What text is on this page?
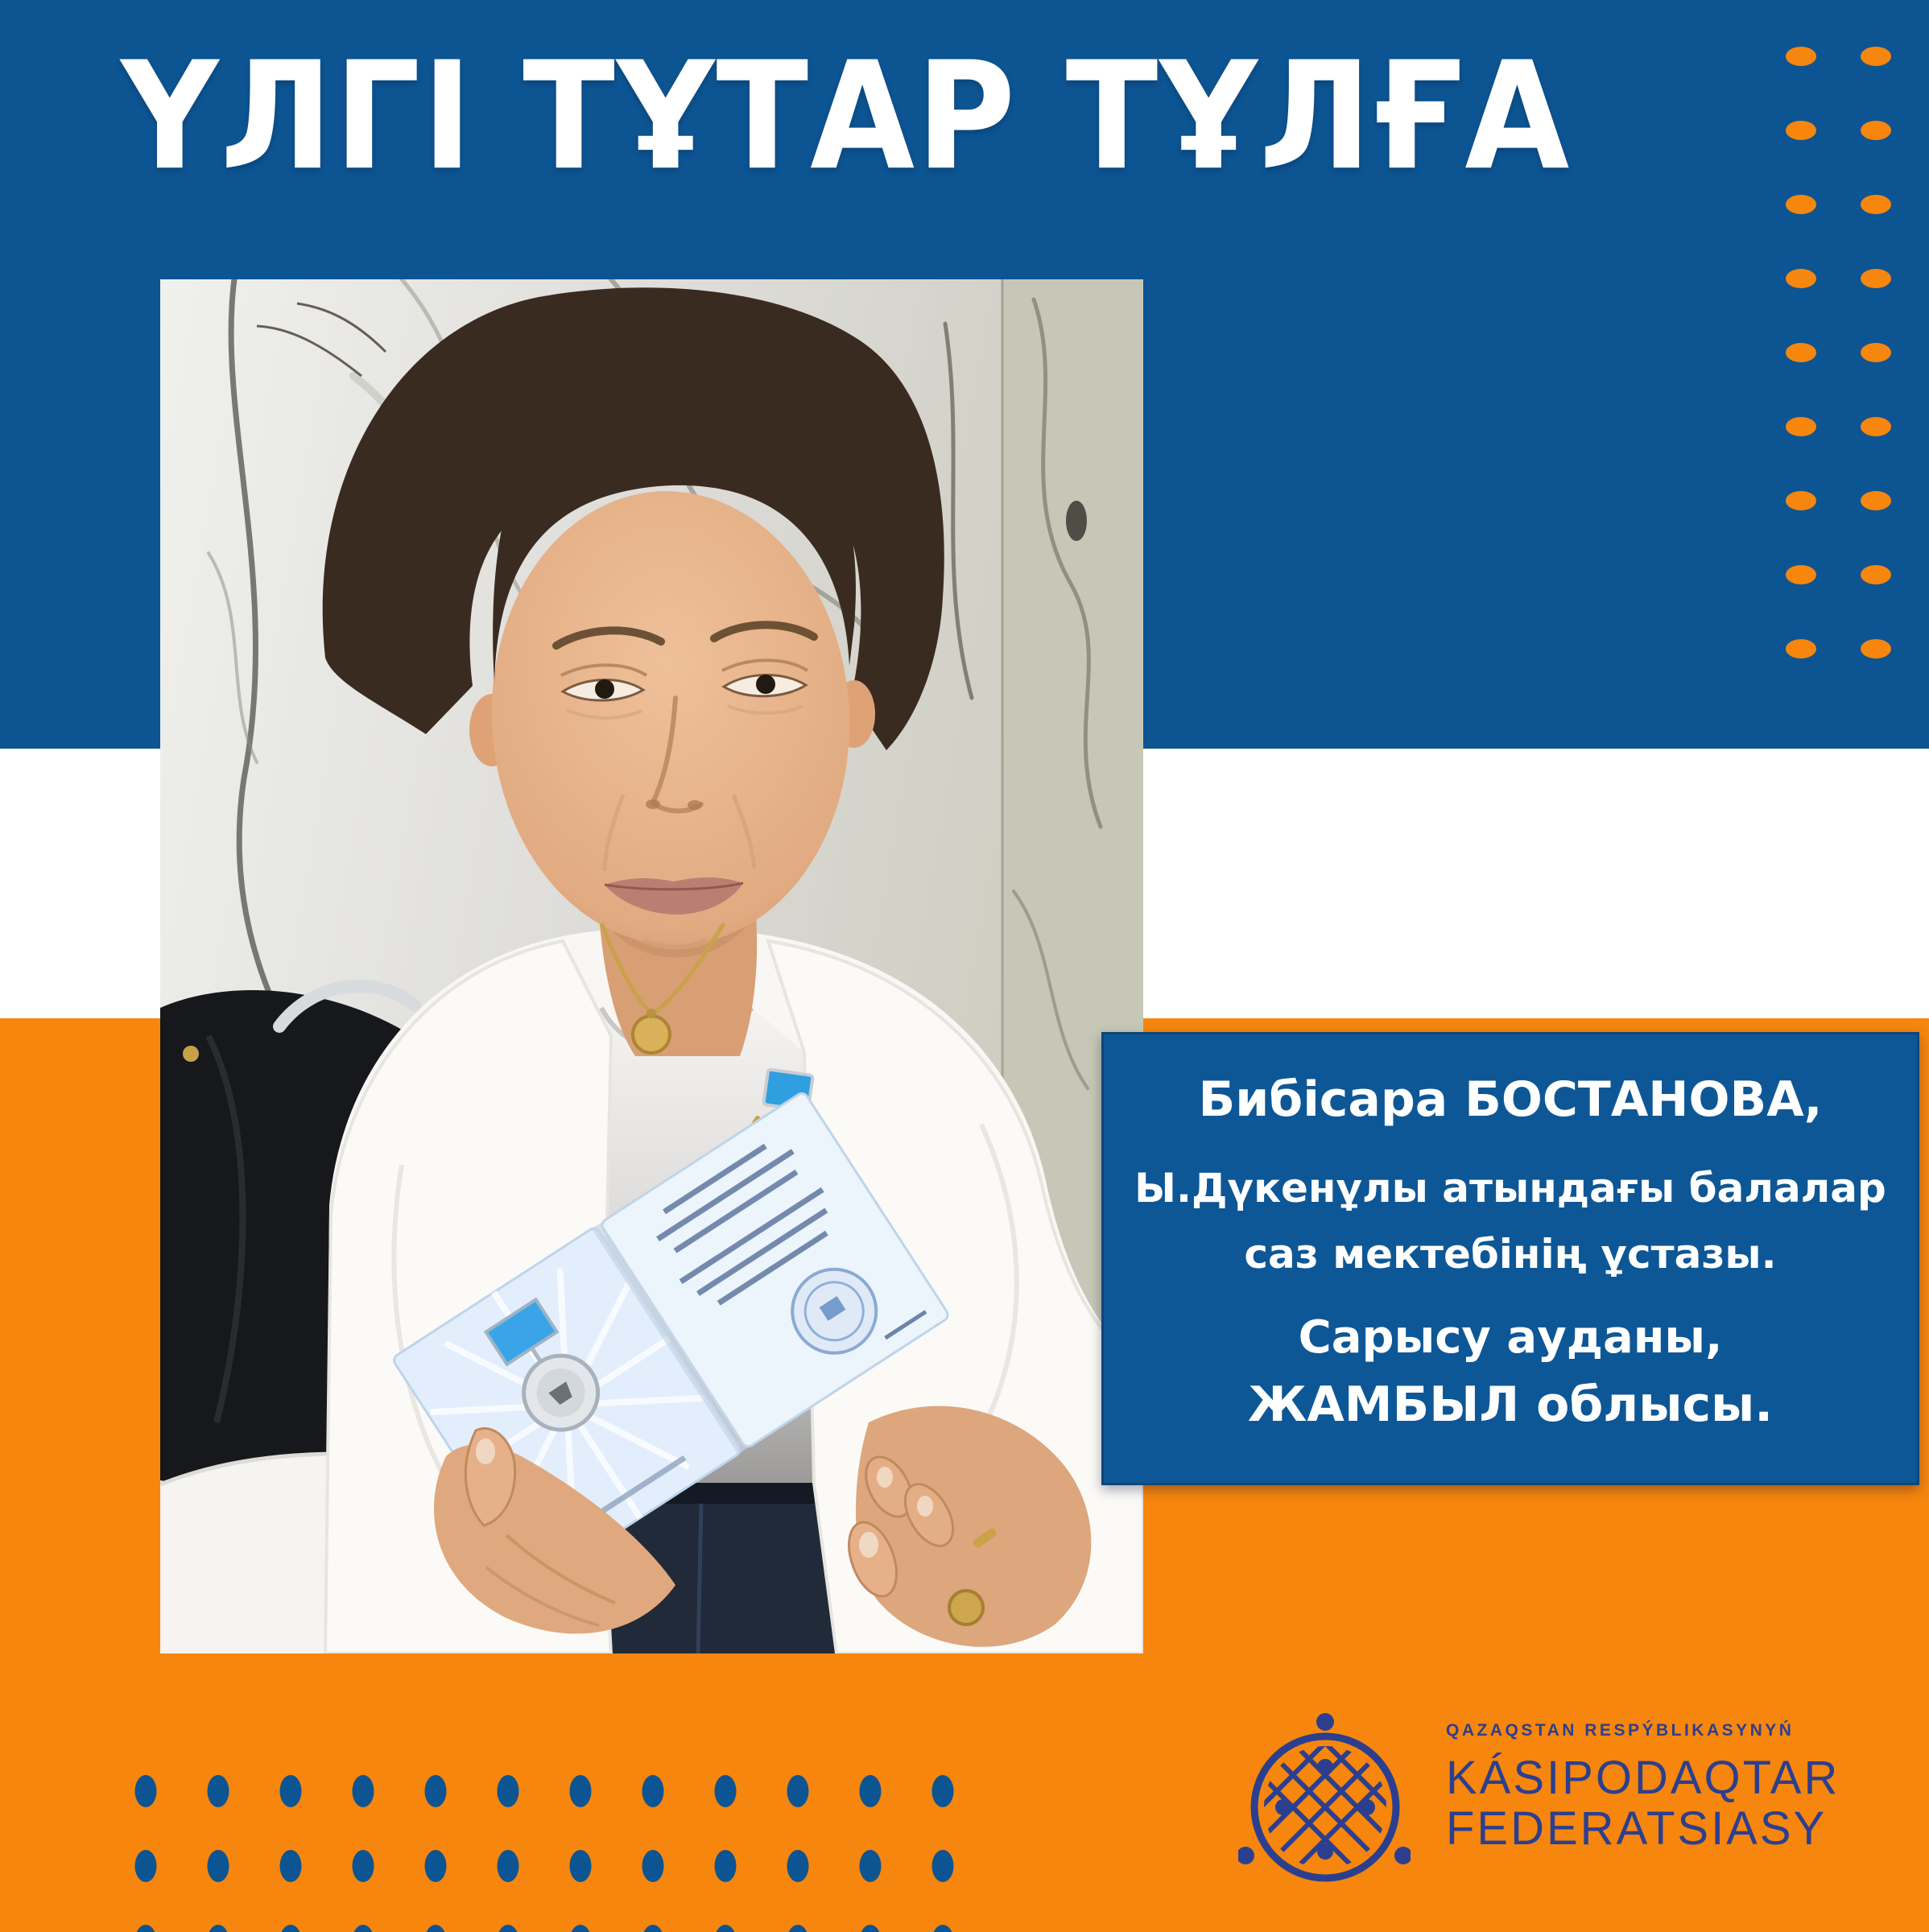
ҮЛГІ ТҰТАР ТҰЛҒА

Бибісара БОСТАНОВА,

Ы.Дүкенұлы атындағы балалар

саз мектебінің ұстазы.

Сарысу ауданы,

ЖАМБЫЛ облысы.

QAZAQSTAN RESPÝBLIKASYNYŃ

KÁSIPODAQTAR
FEDERATSIASY
